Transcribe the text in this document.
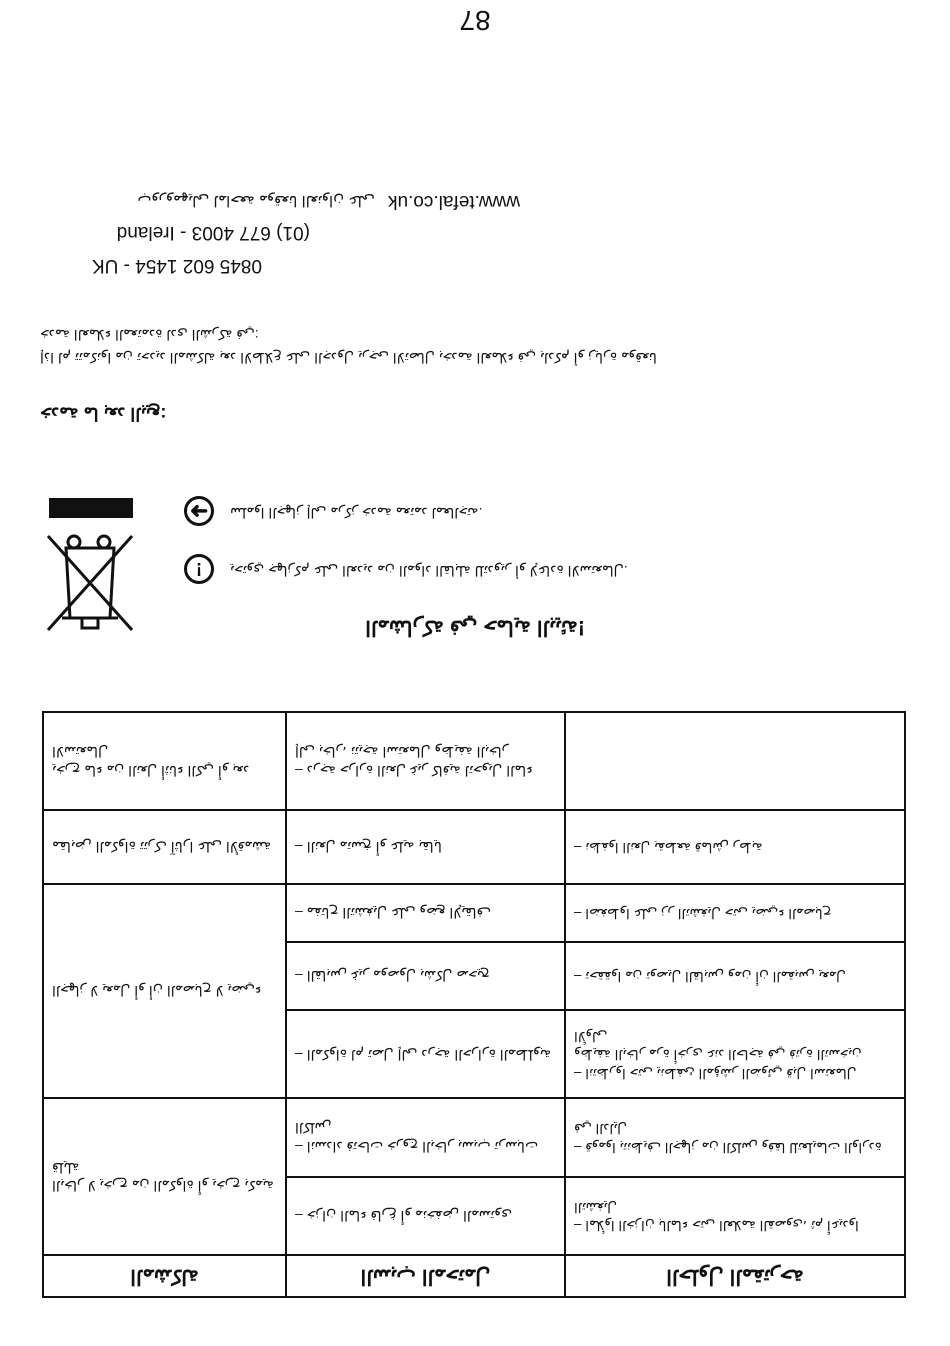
87
www.tefal.co.uk ﺏﻭﺭﻭﻣﻬﻳﻟﯽ ﻟﻣﺍﺣﻌﺔ ﻣﻭﻗﻌﻧﺎ ﺍﻟﻌﻧﻭﺍﻥ ﻋﻠﯽ
(01) 677 4003 - Ireland
0845 602 1454 - UK
ﺧﺩﻣﺔ ﺍﻟﻌﻣﻼء ﺍﻟﻣﻌﺗﻣﺩﺓ ﻟﺩﯼ ﺍﻟﺷﺭﮐﺔ ﻓﻲ:
ﺇﺫﺍ ﻟﻡ ﺗﺗﻣﮐﻧﻭﺍ ﻣﻥ ﺗﺣﺩﻳﺩ ﺍﻟﻣﺷﮐﻟﺔ ﺑﻌﺩ ﺍﻻﻁﻼﻉ ﻋﻠﯽ ﺍﻟﺟﺩﻭﻝ ﻳﺭﺟﯽ ﺍﻻﺗﺻﺎﻝ ﺑﺧﺩﻣﺔ ﺍﻟﻌﻣﻼء ﻓﻲ ﺑﻟﺩﮐﻡ ﺃﻭ ﺯﻳﺎﺭﺓ ﻣﻭﻗﻌﻧﺎ
ﺧﺩﻣﺔ ﻣﺎ ﺑﻌﺩ ﺍﻟﺑﻳﻊ:
➜	ﺳﻠﻣﻭﺍ ﺍﻟﺟﻬﺎﺯ ﺇﻟﯽ ﻣﺭﮐﺯ ﺧﺩﻣﺔ ﻣﻌﺗﻣﺩ ﻟﻣﻌﺎﻟﺟﺗﻪ.
!	ﻳﺣﺗﻭﻱ ﺟﻬﺎﺯﮐﻡ ﻋﻠﯽ ﺍﻟﻌﺩﻳﺩ ﻣﻥ ﺍﻟﻣﻭﺍﺩ ﺍﻟﻘﺎﺑﻠﺔ ﻟﻠﺗﺩﻭﻳﺭ ﺃﻭ ﻹﻋﺎﺩﺓ ﺍﻻﺳﺗﻌﻣﺎﻝ.
ﺍﻟﻣﺷﺎﺭﮐﺔ ﻓﻲ ﺣﻣﺎﻳﺔ ﺍﻟﺑﻳﺋﺔ!
ﺍﻟﻣﺷﮐﻟﺔ	ﺍﻟﺳﺑﺏ ﺍﻟﻣﺣﺗﻣﻝ	ﺍﻟﺣﻠﻭﻝ ﺍﻟﻣﻘﺗﺭﺣﺔ
ﺍﻟﺑﺧﺎﺭ ﻻ ﻳﺧﺭﺝ ﻣﻥ ﺍﻟﻣﮐﻭﺍﺓ ﺃﻭ ﻳﺧﺭﺝ ﺑﮐﻣﻳﺔ ﻗﻠﻳﻠﺔ	– ﺧﺯﺍﻥ ﺍﻟﻣﺎء ﻓﺎﺭﻍ ﺃﻭ ﻣﻧﺧﻔﺽ ﺍﻟﻣﺳﺗﻭﯼ	– ﺍﻣﻸﻭﺍ ﺍﻟﺧﺯﺍﻥ ﺑﺎﻟﻣﺎء ﺣﺗﯽ ﺍﻟﻌﻼﻣﺔ ﺍﻟﻘﺻﻭﯼ، ﺛﻡ ﺃﻋﻳﺩﻭﺍ ﺍﻟﺗﺷﻐﻳﻝ

	– ﺍﻧﺳﺩﺍﺩ ﻓﺗﺣﺎﺕ ﺧﺭﻭﺝ ﺍﻟﺑﺧﺎﺭ ﺑﺳﺑﺏ ﺗﺭﺳﺑﺎﺕ ﺍﻟﮐﻠﺱ	– ﻗﻭﻣﻭﺍ ﺑﺗﻧﻅﻳﻑ ﺍﻟﺟﻬﺎﺯ ﻣﻥ ﺍﻟﮐﻠﺱ ﻭﻓﻘﺎ ﻟﻠﺗﻌﻠﻳﻣﺎﺕ ﺍﻟﻭﺍﺭﺩﺓ ﻓﻲ ﺍﻟﺩﻟﻳﻝ

ﺍﻟﺟﻬﺎﺯ ﻻ ﻳﻌﻣﻝ ﺃﻭ ﺃﻥ ﺍﻟﻣﺻﺑﺎﺡ ﻻ ﻳﺿﻲء	– ﺍﻟﻣﮐﻭﺍﺓ ﻟﻡ ﺗﺻﻝ ﺇﻟﯽ ﺩﺭﺟﺔ ﺍﻟﺣﺭﺍﺭﺓ ﺍﻟﻣﻁﻠﻭﺑﺔ	– ﺍﻧﺗﻅﺭﻭﺍ ﺣﺗﯽ ﻳﻧﻁﻔﺊ ﺍﻟﻣﺅﺷﺭ ﺍﻟﺿﻭﺋﻲ ﻗﺑﻝ ﺍﺳﺗﻌﻣﺎﻝ ﻭﻅﻳﻔﺔ ﺍﻟﺑﺧﺎﺭ ﻣﺭﺓ ﺃﺧﺭﯼ ﻋﻧﺩ ﺍﻟﺣﺎﺟﺔ ﻓﻲ ﻓﺗﺭﺓ ﺍﻟﺗﺳﺧﻳﻥ ﺍﻷﻭﻟﯽ

	– ﺍﻟﻘﺎﺑﺱ ﻏﻳﺭ ﻣﻭﺻﻭﻝ ﺑﺷﮐﻝ ﺻﺣﻳﺢ	– ﺗﺣﻘﻘﻭﺍ ﻣﻥ ﺗﻭﺻﻳﻝ ﺍﻟﻘﺎﺑﺱ ﻭﻣﻥ ﺃﻥ ﺍﻟﻣﻘﺑﺱ ﻳﻌﻣﻝ

	– ﻣﻔﺗﺎﺡ ﺍﻟﺗﺷﻐﻳﻝ ﻋﻠﯽ ﻭﺿﻊ ﺍﻹﻳﻘﺎﻑ	– ﺍﺿﻐﻁﻭﺍ ﻋﻠﯽ ﺯﺭ ﺍﻟﺗﺷﻐﻳﻝ ﺣﺗﯽ ﻳﺿﻲء ﺍﻟﻣﺻﺑﺎﺡ

ﻣﻘﺎﺑﺽ ﺍﻟﻣﮐﻭﺍﺓ ﺗﺗﺭﮎ ﺁﺛﺎﺭﺍ ﻋﻠﯽ ﺍﻷﻗﻣﺷﺔ	– ﺍﻟﻧﻌﻝ ﻣﺗﺳﺦ ﺃﻭ ﻋﻠﻳﻪ ﺑﻘﺎﻳﺎ	– ﻧﻅﻔﻭﺍ ﺍﻟﻧﻌﻝ ﺑﻘﻁﻌﺔ ﻗﻣﺎﺵ ﺭﻁﺑﺔ

ﻳﺧﺭﺝ ﻣﺎء ﻣﻥ ﺍﻟﻧﻌﻝ ﺃﺛﻧﺎء ﺍﻟﮐﻲ ﺃﻭ ﺑﻌﺩ ﺍﻻﺳﺗﻌﻣﺎﻝ	– ﺩﺭﺟﺔ ﺣﺭﺍﺭﺓ ﺍﻟﻧﻌﻝ ﻏﻳﺭ ﮐﺎﻓﻳﺔ ﻟﺗﺣﻭﻳﻝ ﺍﻟﻣﺎء ﺇﻟﯽ ﺑﺧﺎﺭ، ﻧﺗﻳﺟﺔ ﺍﺳﺗﻌﻣﺎﻝ ﻭﻅﻳﻔﺔ ﺍﻟﺑﺧﺎﺭ	
